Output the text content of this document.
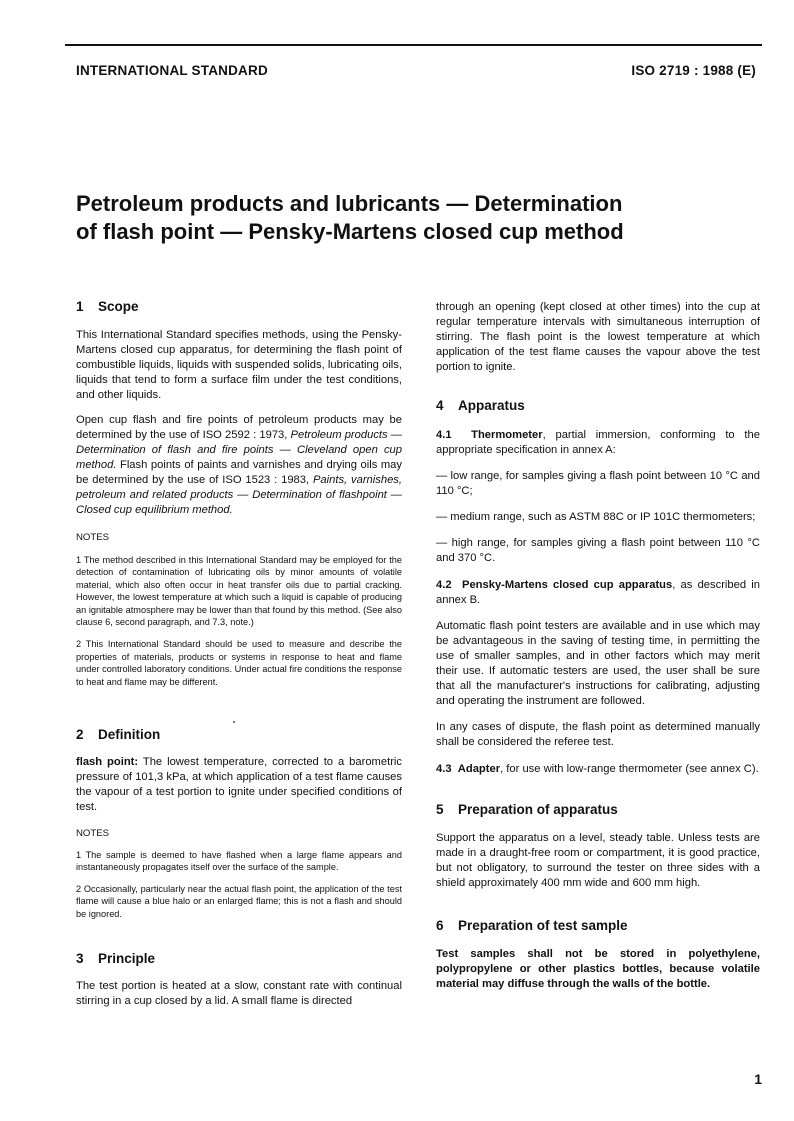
INTERNATIONAL STANDARD	ISO 2719 : 1988 (E)
Petroleum products and lubricants — Determination
of flash point — Pensky-Martens closed cup method
1 Scope

This International Standard specifies methods, using the Pensky-Martens closed cup apparatus, for determining the flash point of combustible liquids, liquids with suspended solids, lubricating oils, liquids that tend to form a surface film under the test conditions, and other liquids.

Open cup flash and fire points of petroleum products may be determined by the use of ISO 2592 : 1973, Petroleum products — Determination of flash and fire points — Cleveland open cup method. Flash points of paints and varnishes and drying oils may be determined by the use of ISO 1523 : 1983, Paints, varnishes, petroleum and related products — Determination of flashpoint — Closed cup equilibrium method.

NOTES

1 The method described in this International Standard may be employed for the detection of contamination of lubricating oils by minor amounts of volatile material, which also often occur in heat transfer oils due to partial cracking. However, the lowest temperature at which such a liquid is capable of producing an ignitable atmosphere may be lower than that found by this method. (See also clause 6, second paragraph, and 7.3, note.)

2 This International Standard should be used to measure and describe the properties of materials, products or systems in response to heat and flame under controlled laboratory conditions. Under actual fire conditions the response to heat and flame may be different.

2 Definition

flash point: The lowest temperature, corrected to a barometric pressure of 101,3 kPa, at which application of a test flame causes the vapour of a test portion to ignite under specified conditions of test.

NOTES

1 The sample is deemed to have flashed when a large flame appears and instantaneously propagates itself over the surface of the sample.

2 Occasionally, particularly near the actual flash point, the application of the test flame will cause a blue halo or an enlarged flame; this is not a flash and should be ignored.

3 Principle

The test portion is heated at a slow, constant rate with continual stirring in a cup closed by a lid. A small flame is directed

through an opening (kept closed at other times) into the cup at regular temperature intervals with simultaneous interruption of stirring. The flash point is the lowest temperature at which application of the test flame causes the vapour above the test portion to ignite.

4 Apparatus

4.1 Thermometer, partial immersion, conforming to the appropriate specification in annex A:

— low range, for samples giving a flash point between 10 °C and 110 °C;

— medium range, such as ASTM 88C or IP 101C thermometers;

— high range, for samples giving a flash point between 110 °C and 370 °C.

4.2 Pensky-Martens closed cup apparatus, as described in annex B.

Automatic flash point testers are available and in use which may be advantageous in the saving of testing time, in permitting the use of smaller samples, and in other factors which may merit their use. If automatic testers are used, the user shall be sure that all the manufacturer's instructions for calibrating, adjusting and operating the instrument are followed.

In any cases of dispute, the flash point as determined manually shall be considered the referee test.

4.3 Adapter, for use with low-range thermometer (see annex C).

5 Preparation of apparatus

Support the apparatus on a level, steady table. Unless tests are made in a draught-free room or compartment, it is good practice, but not obligatory, to surround the tester on three sides with a shield approximately 400 mm wide and 600 mm high.

6 Preparation of test sample

Test samples shall not be stored in polyethylene, polypropylene or other plastics bottles, because volatile material may diffuse through the walls of the bottle.

1
